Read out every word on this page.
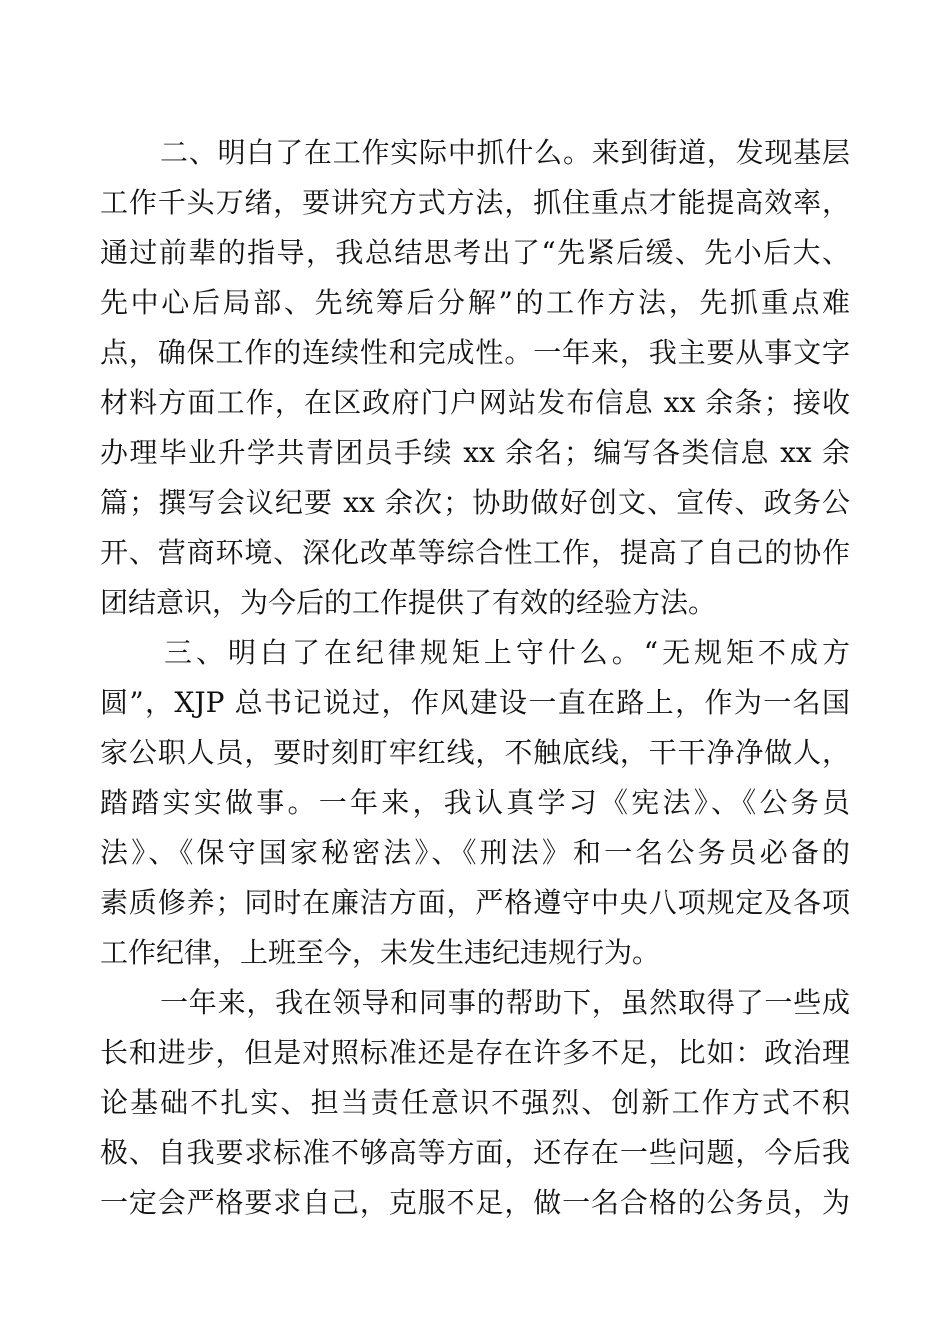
二、明白了在工作实际中抓什么。来到街道，发现基层
工作千头万绪，要讲究方式方法，抓住重点才能提高效率，
通过前辈的指导，我总结思考出了“先紧后缓、先小后大、
先中心后局部、先统筹后分解”的工作方法，先抓重点难
点，确保工作的连续性和完成性。一年来，我主要从事文字
材料方面工作，在区政府门户网站发布信息 xx 余条；接收
办理毕业升学共青团员手续 xx 余名；编写各类信息 xx 余
篇；撰写会议纪要 xx 余次；协助做好创文、宣传、政务公
开、营商环境、深化改革等综合性工作，提高了自己的协作
团结意识，为今后的工作提供了有效的经验方法。
三、明白了在纪律规矩上守什么。“无规矩不成方
圆”，XJP 总书记说过，作风建设一直在路上，作为一名国
家公职人员，要时刻盯牢红线，不触底线，干干净净做人，
踏踏实实做事。一年来，我认真学习《宪法》、《公务员
法》、《保守国家秘密法》、《刑法》和一名公务员必备的
素质修养；同时在廉洁方面，严格遵守中央八项规定及各项
工作纪律，上班至今，未发生违纪违规行为。
一年来，我在领导和同事的帮助下，虽然取得了一些成
长和进步，但是对照标准还是存在许多不足，比如：政治理
论基础不扎实、担当责任意识不强烈、创新工作方式不积
极、自我要求标准不够高等方面，还存在一些问题，今后我
一定会严格要求自己，克服不足，做一名合格的公务员，为
